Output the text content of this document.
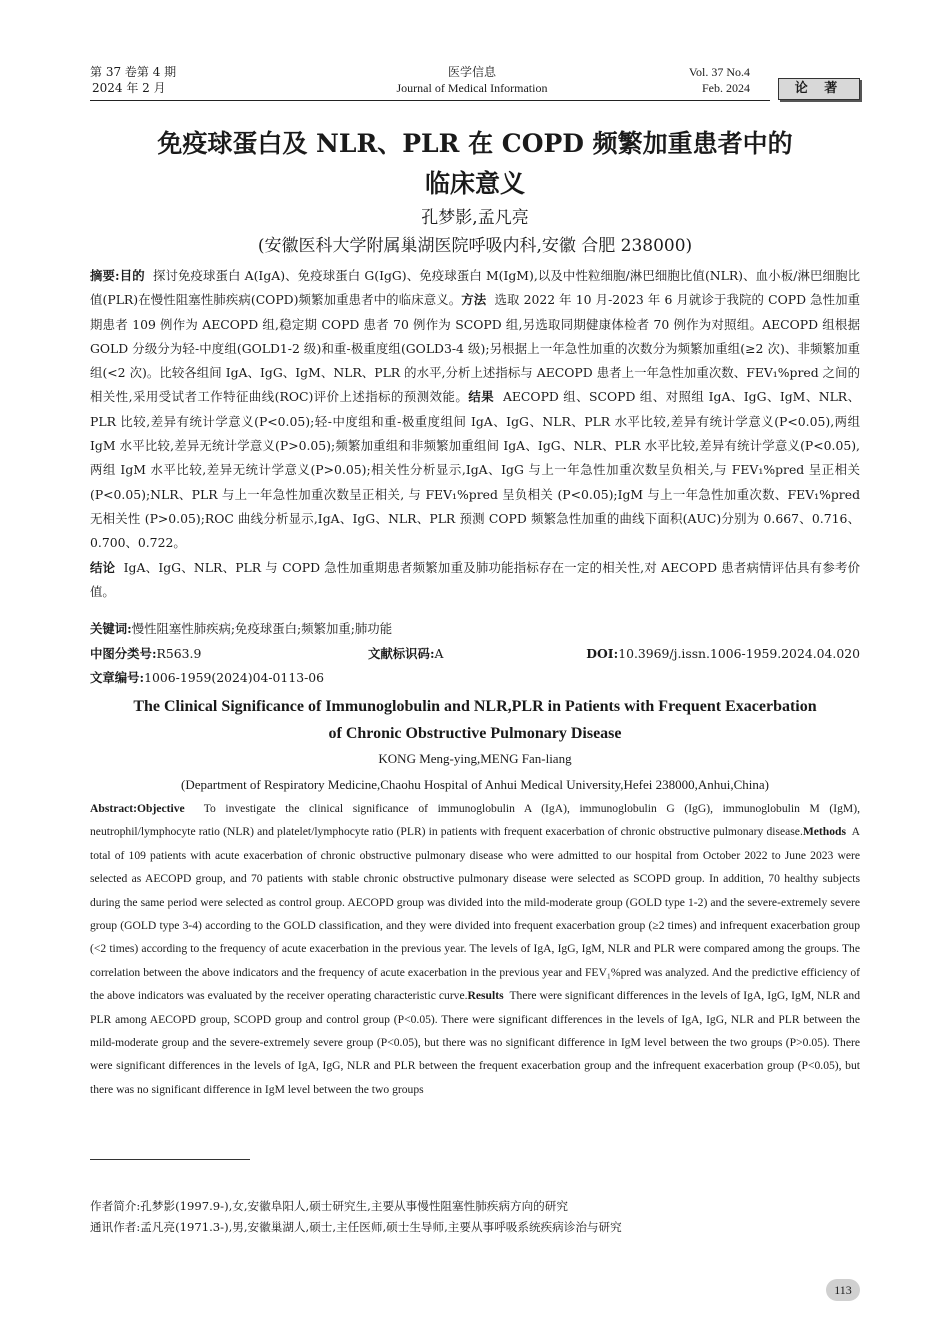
第 37 卷第 4 期
2024 年 2 月
医学信息
Journal of Medical Information
Vol. 37 No.4
Feb. 2024	论 著
免疫球蛋白及 NLR、PLR 在 COPD 频繁加重患者中的
临床意义
孔梦影,孟凡亮
(安徽医科大学附属巢湖医院呼吸内科,安徽 合肥 238000)
摘要:目的 探讨免疫球蛋白 A(IgA)、免疫球蛋白 G(IgG)、免疫球蛋白 M(IgM),以及中性粒细胞/淋巴细胞比值(NLR)、血小板/淋巴细胞比值(PLR)在慢性阻塞性肺疾病(COPD)频繁加重患者中的临床意义。方法 选取 2022 年 10 月-2023 年 6 月就诊于我院的 COPD 急性加重期患者 109 例作为 AECOPD 组,稳定期 COPD 患者 70 例作为 SCOPD 组,另选取同期健康体检者 70 例作为对照组。AECOPD 组根据 GOLD 分级分为轻-中度组(GOLD1-2 级)和重-极重度组(GOLD3-4 级);另根据上一年急性加重的次数分为频繁加重组(≥2 次)、非频繁加重组(<2 次)。比较各组间 IgA、IgG、IgM、NLR、PLR 的水平,分析上述指标与 AECOPD 患者上一年急性加重次数、FEV₁%pred 之间的相关性,采用受试者工作特征曲线(ROC)评价上述指标的预测效能。结果 AECOPD 组、SCOPD 组、对照组 IgA、IgG、IgM、NLR、PLR 比较,差异有统计学意义(P<0.05);轻-中度组和重-极重度组间 IgA、IgG、NLR、PLR 水平比较,差异有统计学意义(P<0.05),两组 IgM 水平比较,差异无统计学意义(P>0.05);频繁加重组和非频繁加重组间 IgA、IgG、NLR、PLR 水平比较,差异有统计学意义(P<0.05),两组 IgM 水平比较,差异无统计学意义(P>0.05);相关性分析显示,IgA、IgG 与上一年急性加重次数呈负相关,与 FEV₁%pred 呈正相关(P<0.05);NLR、PLR 与上一年急性加重次数呈正相关, 与 FEV₁%pred 呈负相关 (P<0.05);IgM 与上一年急性加重次数、FEV₁%pred 无相关性 (P>0.05);ROC 曲线分析显示,IgA、IgG、NLR、PLR 预测 COPD 频繁急性加重的曲线下面积(AUC)分别为 0.667、0.716、0.700、0.722。
结论 IgA、IgG、NLR、PLR 与 COPD 急性加重期患者频繁加重及肺功能指标存在一定的相关性,对 AECOPD 患者病情评估具有参考价值。
关键词:慢性阻塞性肺疾病;免疫球蛋白;频繁加重;肺功能
中图分类号:R563.9	文献标识码:A	DOI:10.3969/j.issn.1006-1959.2024.04.020
文章编号:1006-1959(2024)04-0113-06
The Clinical Significance of Immunoglobulin and NLR,PLR in Patients with Frequent Exacerbation
of Chronic Obstructive Pulmonary Disease
KONG Meng-ying,MENG Fan-liang
(Department of Respiratory Medicine,Chaohu Hospital of Anhui Medical University,Hefei 238000,Anhui,China)
Abstract:Objective To investigate the clinical significance of immunoglobulin A (IgA), immunoglobulin G (IgG), immunoglobulin M (IgM), neutrophil/lymphocyte ratio (NLR) and platelet/lymphocyte ratio (PLR) in patients with frequent exacerbation of chronic obstructive pulmonary disease.Methods A total of 109 patients with acute exacerbation of chronic obstructive pulmonary disease who were admitted to our hospital from October 2022 to June 2023 were selected as AECOPD group, and 70 patients with stable chronic obstructive pulmonary disease were selected as SCOPD group. In addition, 70 healthy subjects during the same period were selected as control group. AECOPD group was divided into the mild-moderate group (GOLD type 1-2) and the severe-extremely severe group (GOLD type 3-4) according to the GOLD classification, and they were divided into frequent exacerbation group (≥2 times) and infrequent exacerbation group (<2 times) according to the frequency of acute exacerbation in the previous year. The levels of IgA, IgG, IgM, NLR and PLR were compared among the groups. The correlation between the above indicators and the frequency of acute exacerbation in the previous year and FEV₁%pred was analyzed. And the predictive efficiency of the above indicators was evaluated by the receiver operating characteristic curve.Results There were significant differences in the levels of IgA, IgG, IgM, NLR and PLR among AECOPD group, SCOPD group and control group (P<0.05). There were significant differences in the levels of IgA, IgG, NLR and PLR between the mild-moderate group and the severe-extremely severe group (P<0.05), but there was no significant difference in IgM level between the two groups (P>0.05). There were significant differences in the levels of IgA, IgG, NLR and PLR between the frequent exacerbation group and the infrequent exacerbation group (P<0.05), but there was no significant difference in IgM level between the two groups
作者简介:孔梦影(1997.9-),女,安徽阜阳人,硕士研究生,主要从事慢性阻塞性肺疾病方向的研究
通讯作者:孟凡亮(1971.3-),男,安徽巢湖人,硕士,主任医师,硕士生导师,主要从事呼吸系统疾病诊治与研究
113
